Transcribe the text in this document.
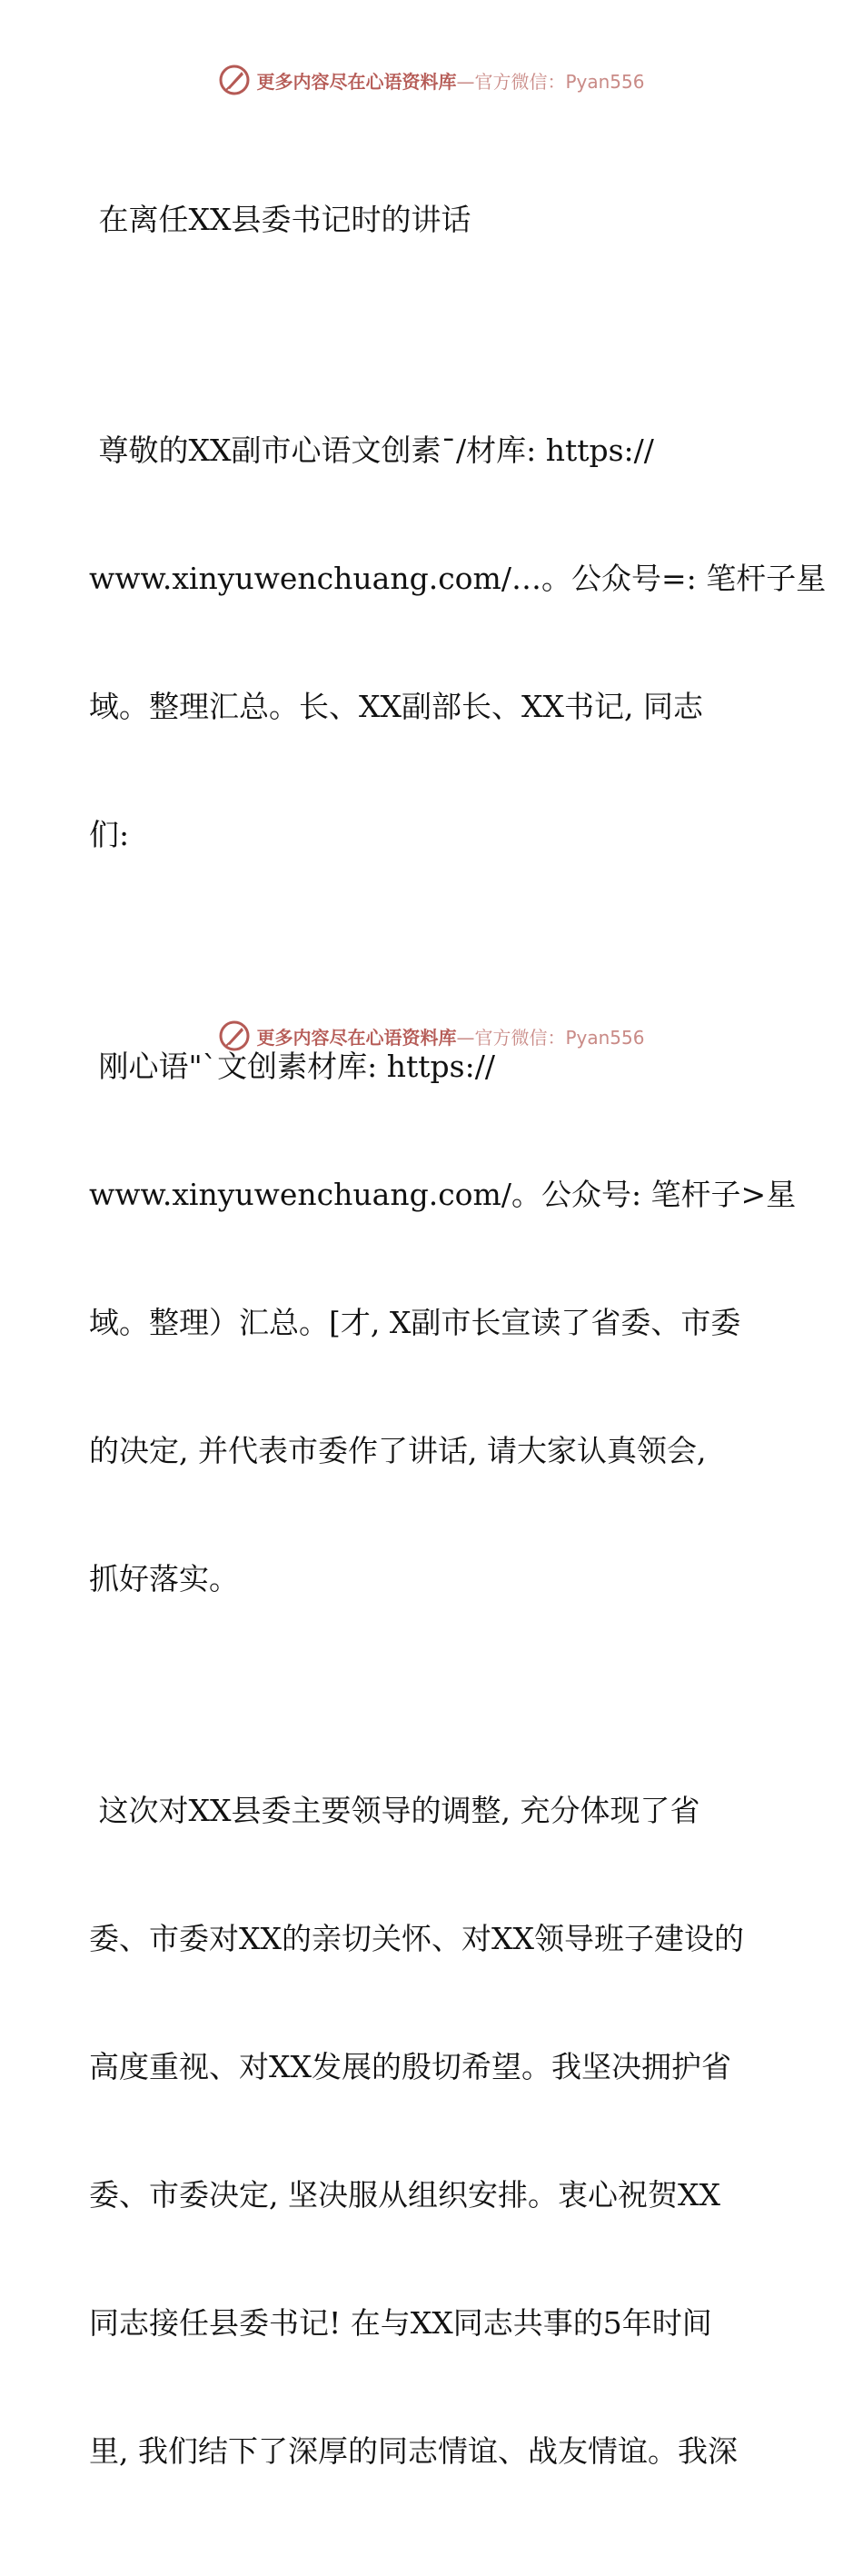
更多内容尽在心语资料库—官方微信：Pyan556

在离任XX县委书记时的讲话

尊敬的XX副市心语文创素¯/材库: https://

www.xinyuwenchuang.com/…。公众号=: 笔杆子星

域。整理汇总。长、XX副部长、XX书记, 同志

们:

刚心语"`文创素材库: https://

www.xinyuwenchuang.com/。公众号: 笔杆子>星

域。整理）汇总。[才, X副市长宣读了省委、市委

的决定, 并代表市委作了讲话, 请大家认真领会,

抓好落实。

这次对XX县委主要领导的调整, 充分体现了省

委、市委对XX的亲切关怀、对XX领导班子建设的

高度重视、对XX发展的殷切希望。我坚决拥护省

委、市委决定, 坚决服从组织安排。衷心祝贺XX

同志接任县委书记! 在与XX同志共事的5年时间

里, 我们结下了深厚的同志情谊、战友情谊。我深

更多内容尽在心语资料库—官方微信：Pyan556
